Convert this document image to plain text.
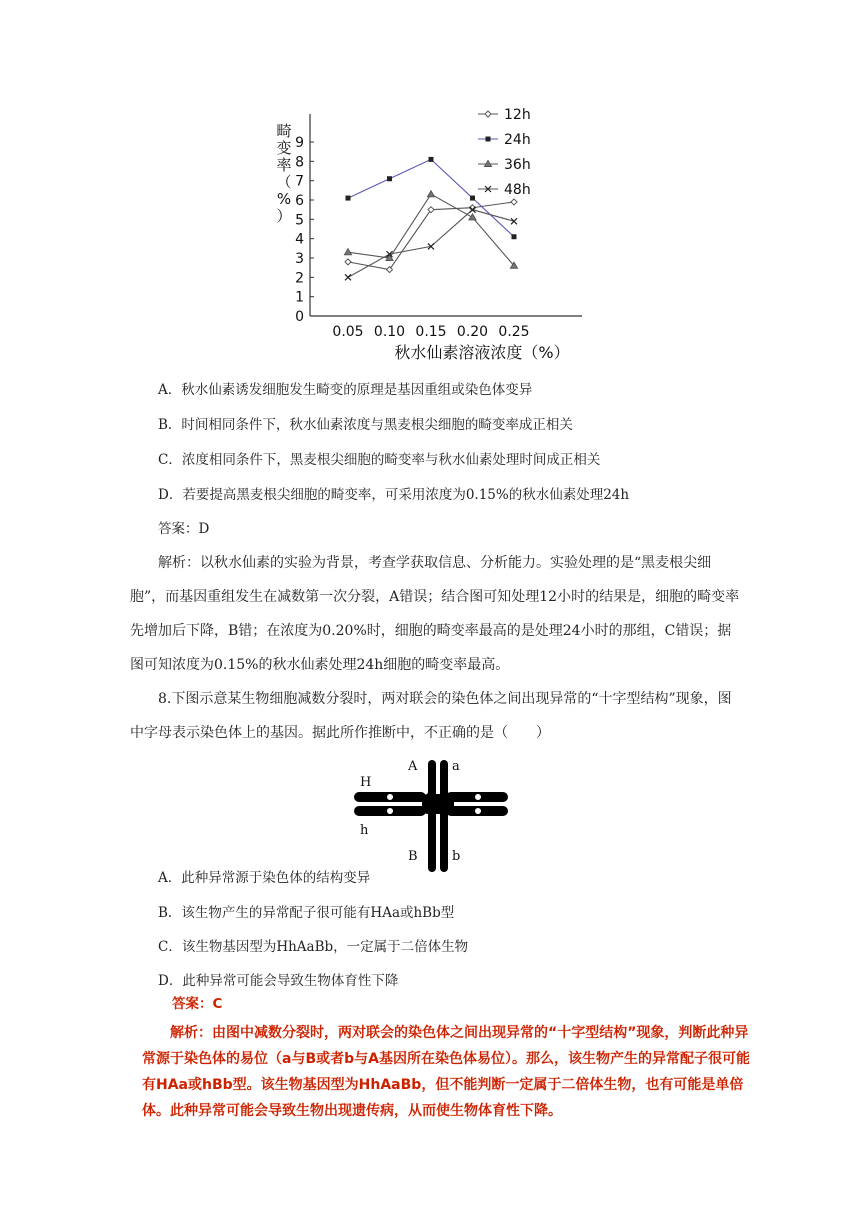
0
1
2
3
4
5
6
7
8
9
0.05 0.10 0.15 0.20 0.25
12h
24h
36h
48h
畸变率（%）
秋水仙素溶液浓度（%）
A．秋水仙素诱发细胞发生畸变的原理是基因重组或染色体变异
B．时间相同条件下，秋水仙素浓度与黑麦根尖细胞的畸变率成正相关
C．浓度相同条件下，黑麦根尖细胞的畸变率与秋水仙素处理时间成正相关
D．若要提高黑麦根尖细胞的畸变率，可采用浓度为0.15%的秋水仙素处理24h
答案：D
解析：以秋水仙素的实验为背景，考查学获取信息、分析能力。实验处理的是“黑麦根尖细胞”，而基因重组发生在减数第一次分裂，A错误；结合图可知处理12小时的结果是，细胞的畸变率先增加后下降，B错；在浓度为0.20%时，细胞的畸变率最高的是处理24小时的那组，C错误；据图可知浓度为0.15%的秋水仙素处理24h细胞的畸变率最高。
8.下图示意某生物细胞减数分裂时，两对联会的染色体之间出现异常的“十字型结构”现象，图中字母表示染色体上的基因。据此所作推断中，不正确的是（　　）
H
h
A	a
B	b
A．此种异常源于染色体的结构变异
B．该生物产生的异常配子很可能有HAa或hBb型
C．该生物基因型为HhAaBb，一定属于二倍体生物
D．此种异常可能会导致生物体育性下降
答案：C
解析：由图中减数分裂时，两对联会的染色体之间出现异常的“十字型结构”现象，判断此种异常源于染色体的易位（a与B或者b与A基因所在染色体易位）。那么，该生物产生的异常配子很可能有HAa或hBb型。该生物基因型为HhAaBb，但不能判断一定属于二倍体生物，也有可能是单倍体。此种异常可能会导致生物出现遗传病，从而使生物体育性下降。
